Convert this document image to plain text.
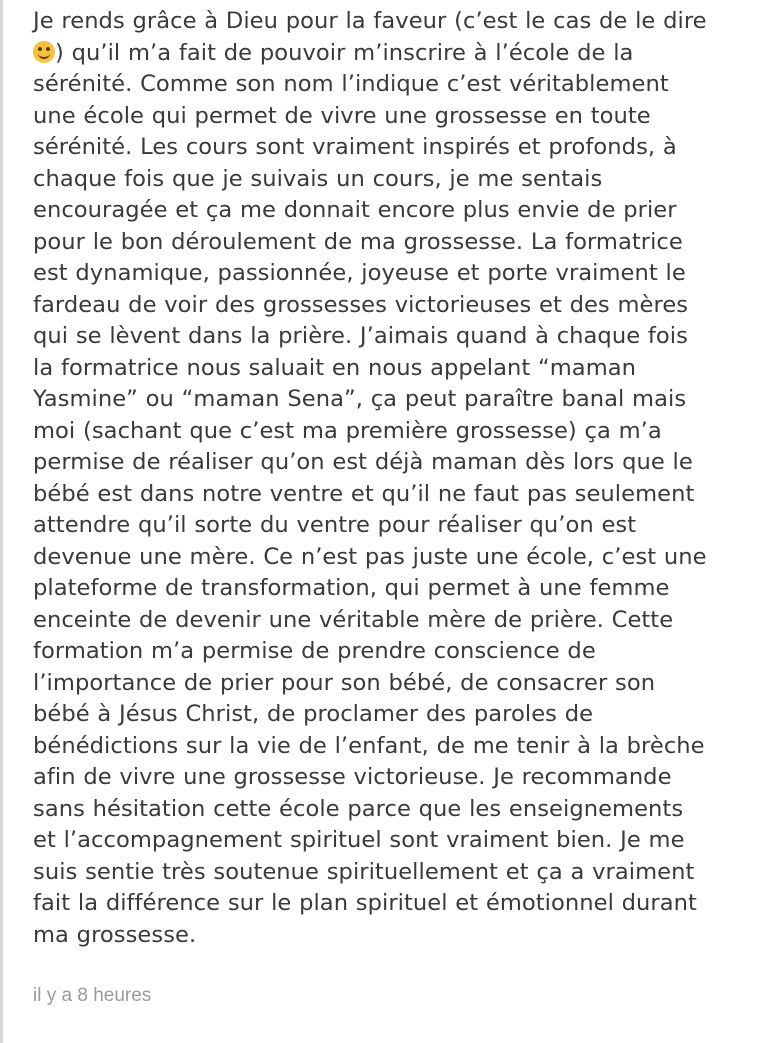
Je rends grâce à Dieu pour la faveur (c’est le cas de le dire
) qu’il m’a fait de pouvoir m’inscrire à l’école de la
sérénité. Comme son nom l’indique c’est véritablement
une école qui permet de vivre une grossesse en toute
sérénité. Les cours sont vraiment inspirés et profonds, à
chaque fois que je suivais un cours, je me sentais
encouragée et ça me donnait encore plus envie de prier
pour le bon déroulement de ma grossesse. La formatrice
est dynamique, passionnée, joyeuse et porte vraiment le
fardeau de voir des grossesses victorieuses et des mères
qui se lèvent dans la prière. J’aimais quand à chaque fois
la formatrice nous saluait en nous appelant “maman
Yasmine” ou “maman Sena”, ça peut paraître banal mais
moi (sachant que c’est ma première grossesse) ça m’a
permise de réaliser qu’on est déjà maman dès lors que le
bébé est dans notre ventre et qu’il ne faut pas seulement
attendre qu’il sorte du ventre pour réaliser qu’on est
devenue une mère. Ce n’est pas juste une école, c’est une
plateforme de transformation, qui permet à une femme
enceinte de devenir une véritable mère de prière. Cette
formation m’a permise de prendre conscience de
l’importance de prier pour son bébé, de consacrer son
bébé à Jésus Christ, de proclamer des paroles de
bénédictions sur la vie de l’enfant, de me tenir à la brèche
afin de vivre une grossesse victorieuse. Je recommande
sans hésitation cette école parce que les enseignements
et l’accompagnement spirituel sont vraiment bien. Je me
suis sentie très soutenue spirituellement et ça a vraiment
fait la différence sur le plan spirituel et émotionnel durant
ma grossesse.

il y a 8 heures
